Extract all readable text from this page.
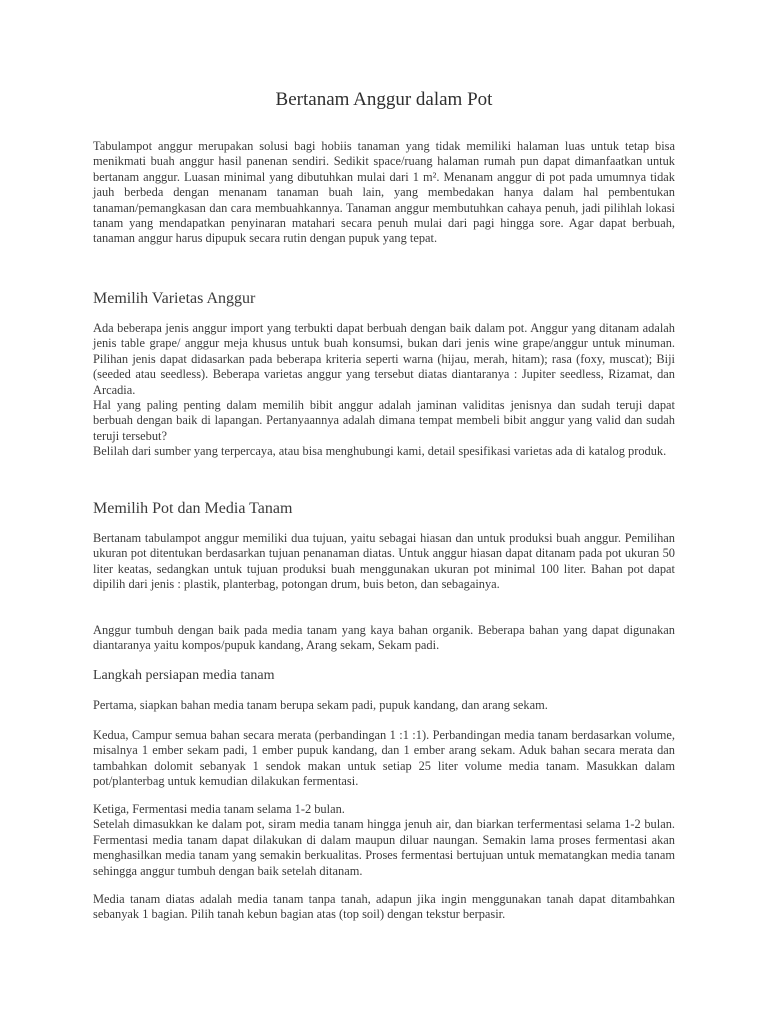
Bertanam Anggur dalam Pot

Tabulampot anggur merupakan solusi bagi hobiis tanaman yang tidak memiliki halaman luas untuk tetap bisa menikmati buah anggur hasil panenan sendiri. Sedikit space/ruang halaman rumah pun dapat dimanfaatkan untuk bertanam anggur. Luasan minimal yang dibutuhkan mulai dari 1 m². Menanam anggur di pot pada umumnya tidak jauh berbeda dengan menanam tanaman buah lain, yang membedakan hanya dalam hal pembentukan tanaman/pemangkasan dan cara membuahkannya. Tanaman anggur membutuhkan cahaya penuh, jadi pilihlah lokasi tanam yang mendapatkan penyinaran matahari secara penuh mulai dari pagi hingga sore. Agar dapat berbuah, tanaman anggur harus dipupuk secara rutin dengan pupuk yang tepat.

Memilih Varietas Anggur

Ada beberapa jenis anggur import yang terbukti dapat berbuah dengan baik dalam pot. Anggur yang ditanam adalah jenis table grape/ anggur meja khusus untuk buah konsumsi, bukan dari jenis wine grape/anggur untuk minuman. Pilihan jenis dapat didasarkan pada beberapa kriteria seperti warna (hijau, merah, hitam); rasa (foxy, muscat); Biji (seeded atau seedless). Beberapa varietas anggur yang tersebut diatas diantaranya : Jupiter seedless, Rizamat, dan Arcadia.

Hal yang paling penting dalam memilih bibit anggur adalah jaminan validitas jenisnya dan sudah teruji dapat berbuah dengan baik di lapangan. Pertanyaannya adalah dimana tempat membeli bibit anggur yang valid dan sudah teruji tersebut?

Belilah dari sumber yang terpercaya, atau bisa menghubungi kami, detail spesifikasi varietas ada di katalog produk.

Memilih Pot dan Media Tanam

Bertanam tabulampot anggur memiliki dua tujuan, yaitu sebagai hiasan dan untuk produksi buah anggur. Pemilihan ukuran pot ditentukan berdasarkan tujuan penanaman diatas. Untuk anggur hiasan dapat ditanam pada pot ukuran 50 liter keatas, sedangkan untuk tujuan produksi buah menggunakan ukuran pot minimal 100 liter. Bahan pot dapat dipilih dari jenis : plastik, planterbag, potongan drum, buis beton, dan sebagainya.

Anggur tumbuh dengan baik pada media tanam yang kaya bahan organik. Beberapa bahan yang dapat digunakan diantaranya yaitu kompos/pupuk kandang, Arang sekam, Sekam padi.

Langkah persiapan media tanam

Pertama, siapkan bahan media tanam berupa sekam padi, pupuk kandang, dan arang sekam.

Kedua, Campur semua bahan secara merata (perbandingan 1 :1 :1). Perbandingan media tanam berdasarkan volume, misalnya 1 ember sekam padi, 1 ember pupuk kandang, dan 1 ember arang sekam. Aduk bahan secara merata dan tambahkan dolomit sebanyak 1 sendok makan untuk setiap 25 liter volume media tanam. Masukkan dalam pot/planterbag untuk kemudian dilakukan fermentasi.

Ketiga, Fermentasi media tanam selama 1-2 bulan.

Setelah dimasukkan ke dalam pot, siram media tanam hingga jenuh air, dan biarkan terfermentasi selama 1-2 bulan. Fermentasi media tanam dapat dilakukan di dalam maupun diluar naungan. Semakin lama proses fermentasi akan menghasilkan media tanam yang semakin berkualitas. Proses fermentasi bertujuan untuk mematangkan media tanam sehingga anggur tumbuh dengan baik setelah ditanam.

Media tanam diatas adalah media tanam tanpa tanah, adapun jika ingin menggunakan tanah dapat ditambahkan sebanyak 1 bagian. Pilih tanah kebun bagian atas (top soil) dengan tekstur berpasir.
